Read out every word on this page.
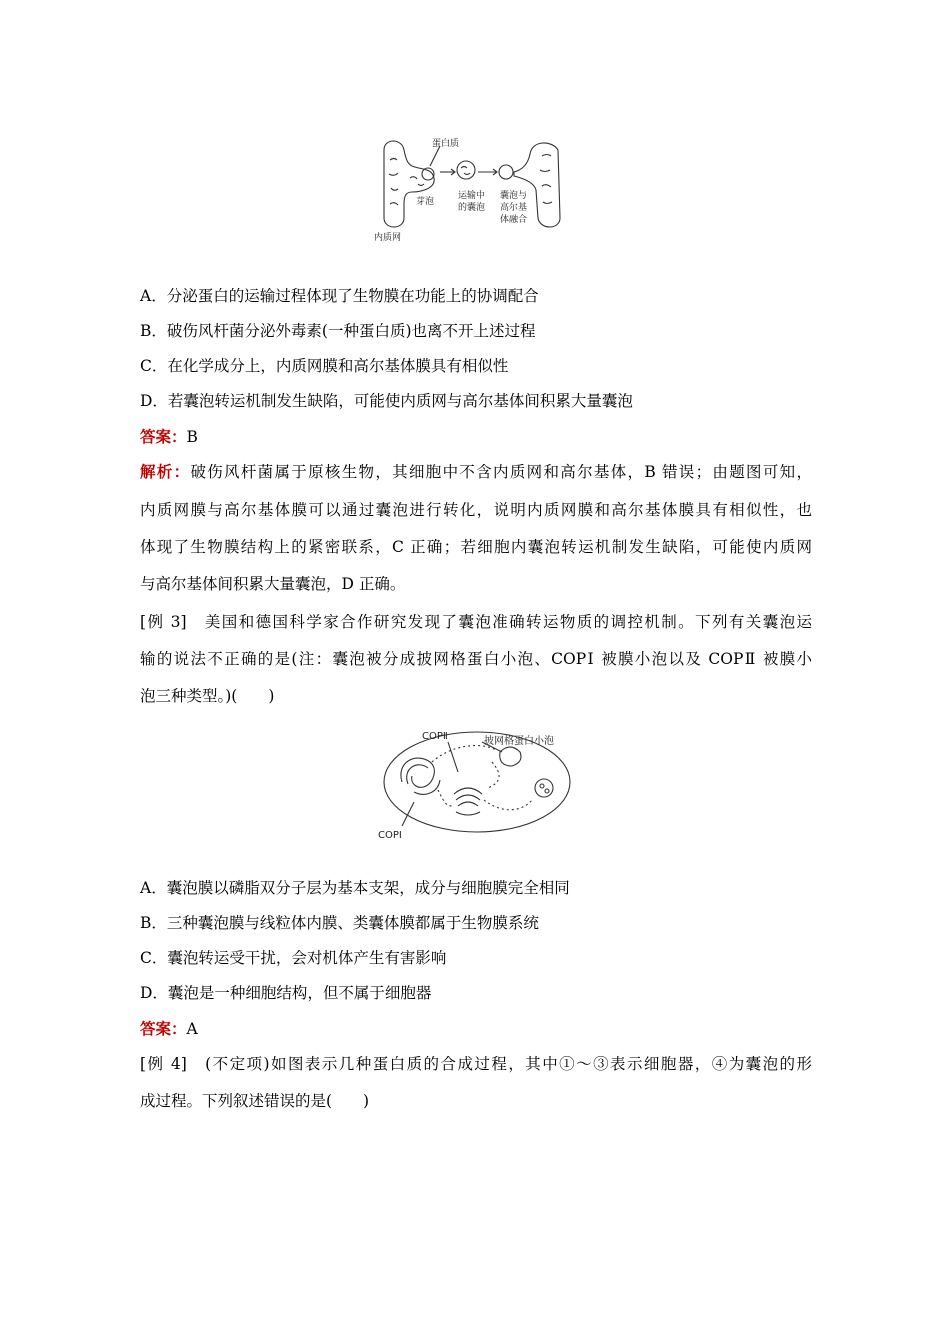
蛋白质
芽泡
运输中
的囊泡
囊泡与
高尔基
体融合
内质网
A．分泌蛋白的运输过程体现了生物膜在功能上的协调配合
B．破伤风杆菌分泌外毒素(一种蛋白质)也离不开上述过程
C．在化学成分上，内质网膜和高尔基体膜具有相似性
D．若囊泡转运机制发生缺陷，可能使内质网与高尔基体间积累大量囊泡
答案：B
解析：破伤风杆菌属于原核生物，其细胞中不含内质网和高尔基体，B 错误；由题图可知，
内质网膜与高尔基体膜可以通过囊泡进行转化，说明内质网膜和高尔基体膜具有相似性，也
体现了生物膜结构上的紧密联系，C 正确；若细胞内囊泡转运机制发生缺陷，可能使内质网
与高尔基体间积累大量囊泡，D 正确。
[例 3]　美国和德国科学家合作研究发现了囊泡准确转运物质的调控机制。下列有关囊泡运
输的说法不正确的是(注：囊泡被分成披网格蛋白小泡、COPⅠ 被膜小泡以及 COPⅡ 被膜小
泡三种类型。)(　　)
COPⅡ	披网格蛋白小泡
COPⅠ
A．囊泡膜以磷脂双分子层为基本支架，成分与细胞膜完全相同
B．三种囊泡膜与线粒体内膜、类囊体膜都属于生物膜系统
C．囊泡转运受干扰，会对机体产生有害影响
D．囊泡是一种细胞结构，但不属于细胞器
答案：A
[例 4]　(不定项)如图表示几种蛋白质的合成过程，其中①～③表示细胞器，④为囊泡的形
成过程。下列叙述错误的是(　　)
